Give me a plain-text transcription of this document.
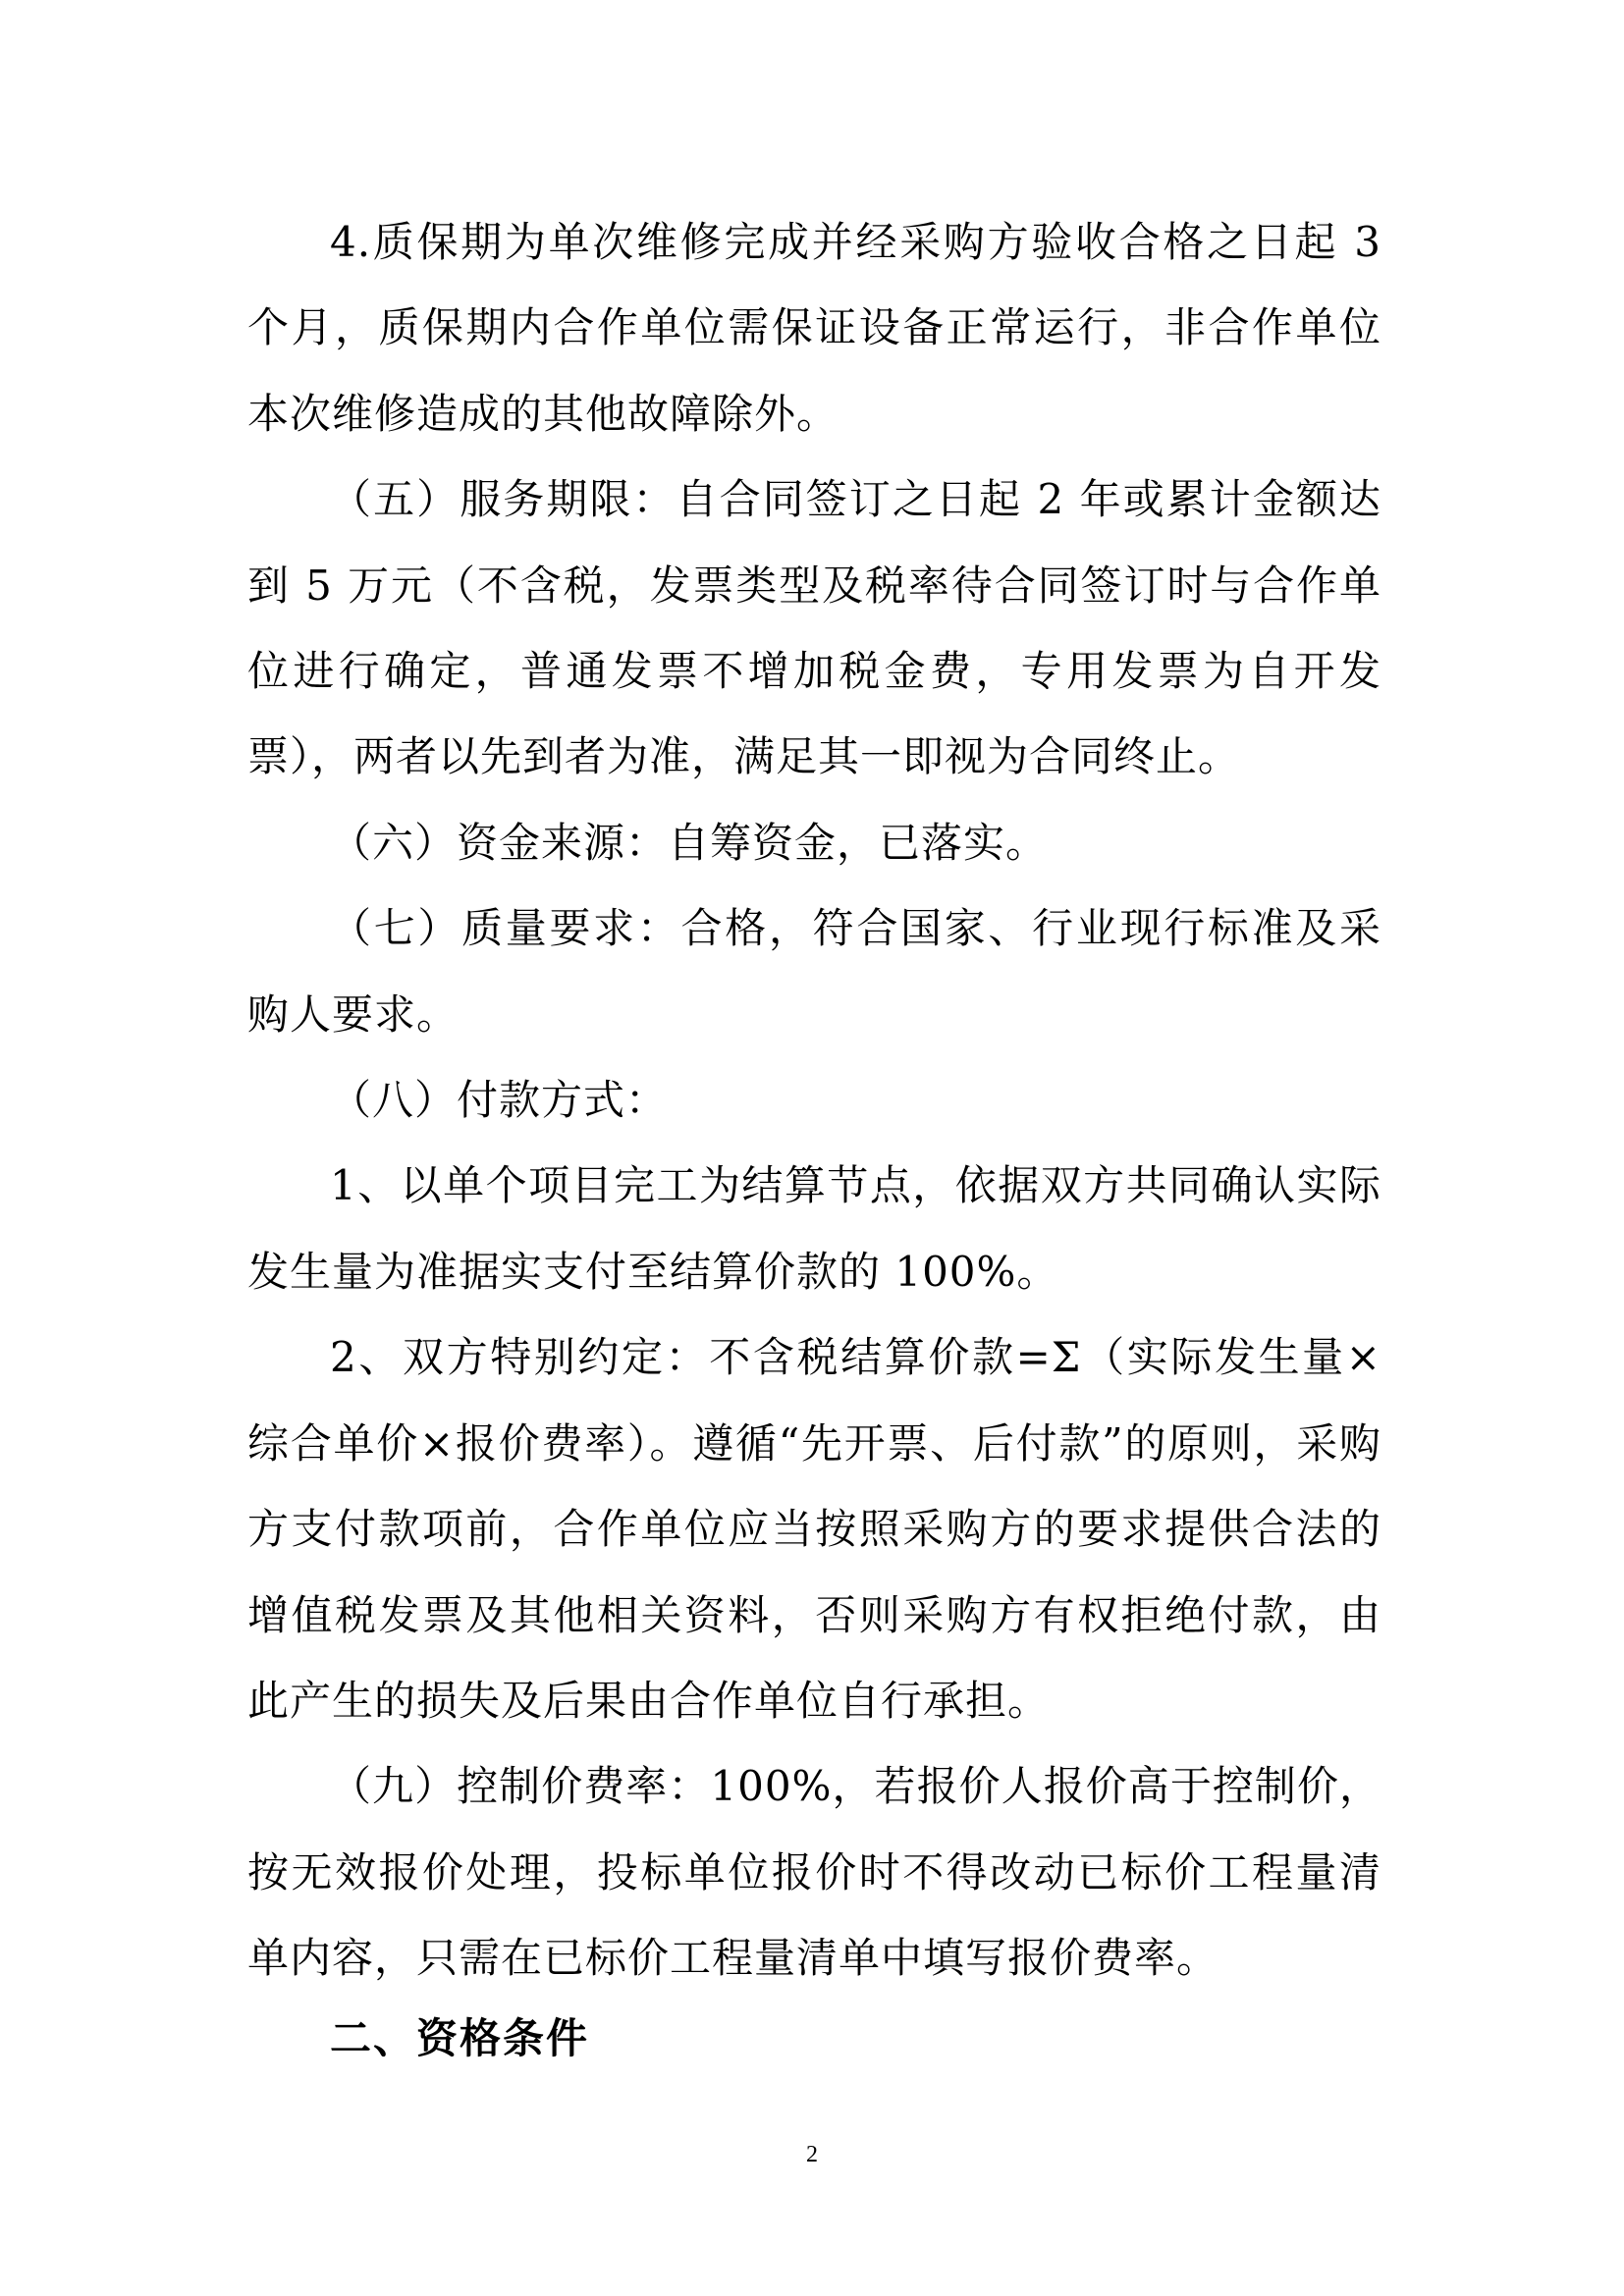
4.质保期为单次维修完成并经采购方验收合格之日起 3 个月，质保期内合作单位需保证设备正常运行，非合作单位本次维修造成的其他故障除外。

（五）服务期限：自合同签订之日起 2 年或累计金额达到 5 万元（不含税，发票类型及税率待合同签订时与合作单位进行确定，普通发票不增加税金费，专用发票为自开发票），两者以先到者为准，满足其一即视为合同终止。

（六）资金来源：自筹资金，已落实。

（七）质量要求：合格，符合国家、行业现行标准及采购人要求。

（八）付款方式：

1、以单个项目完工为结算节点，依据双方共同确认实际发生量为准据实支付至结算价款的 100%。

2、双方特别约定：不含税结算价款=Σ（实际发生量×综合单价×报价费率）。遵循“先开票、后付款”的原则，采购方支付款项前，合作单位应当按照采购方的要求提供合法的增值税发票及其他相关资料，否则采购方有权拒绝付款，由此产生的损失及后果由合作单位自行承担。

（九）控制价费率：100%，若报价人报价高于控制价，按无效报价处理，投标单位报价时不得改动已标价工程量清单内容，只需在已标价工程量清单中填写报价费率。

二、资格条件
2
